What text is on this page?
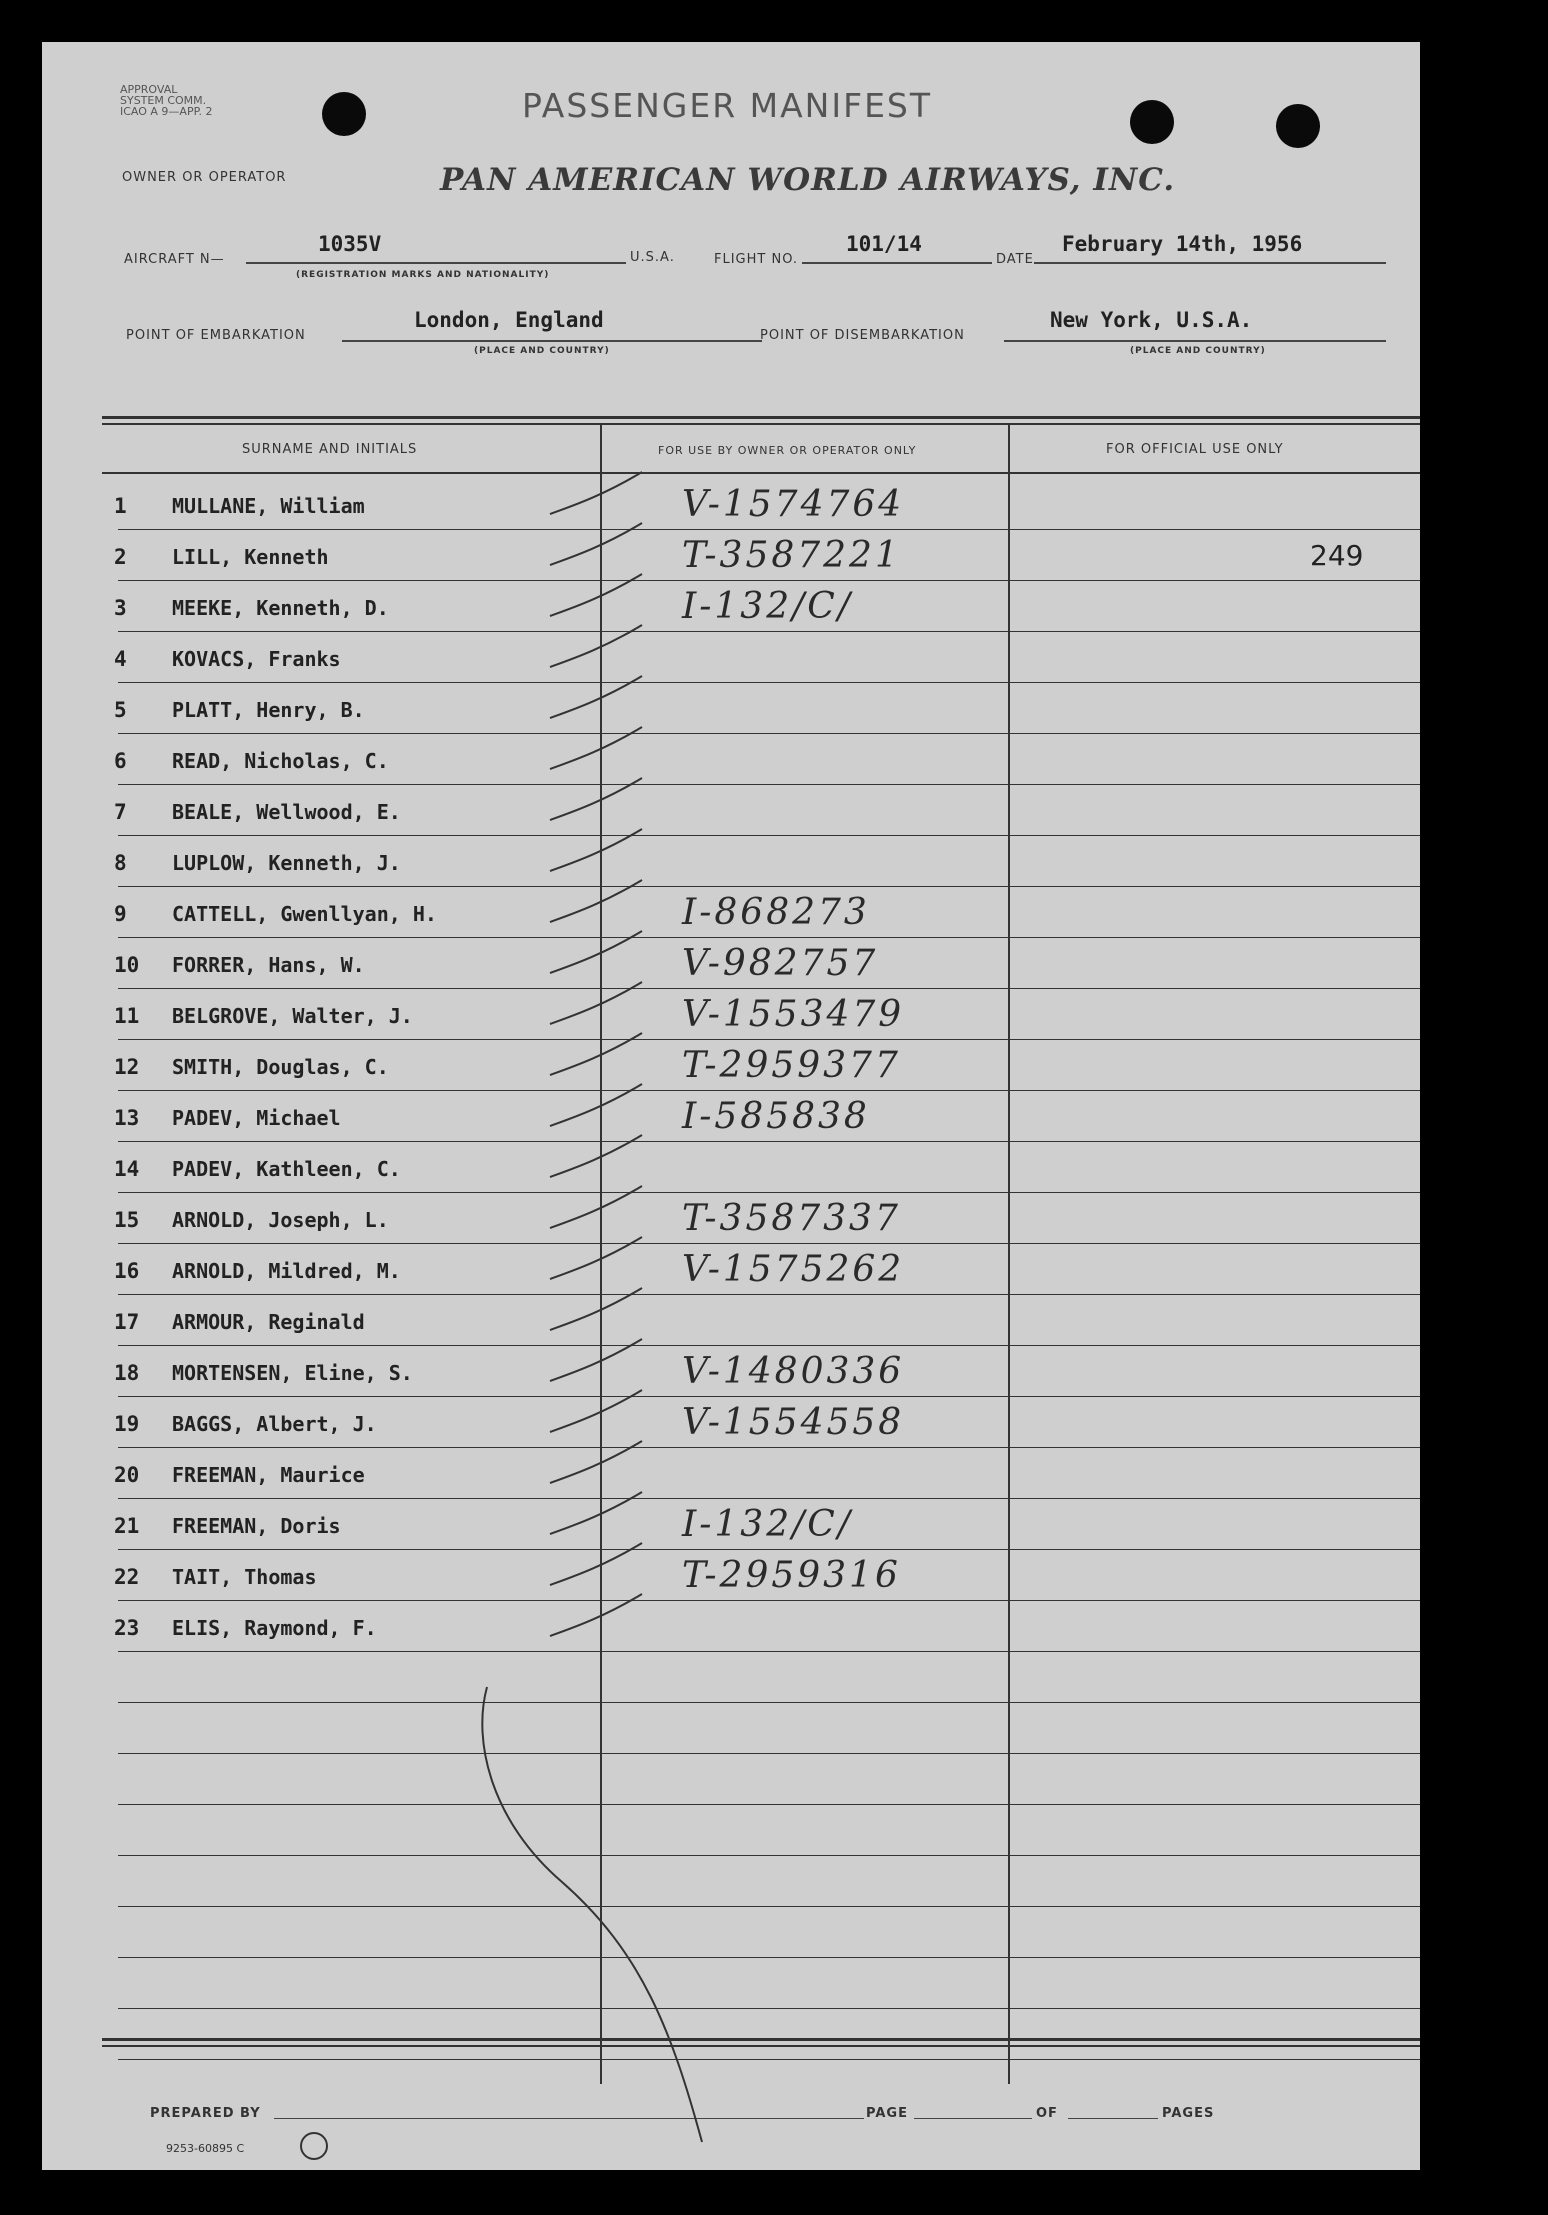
APPROVAL
SYSTEM COMM.
ICAO A 9—APP. 2	PASSENGER MANIFEST
OWNER OR OPERATOR	PAN AMERICAN WORLD AIRWAYS, INC.
AIRCRAFT N—
1035V
(REGISTRATION MARKS AND NATIONALITY)
U.S.A.	FLIGHT NO.
101/14
DATE
February 14th, 1956
POINT OF EMBARKATION
London, England
(PLACE AND COUNTRY)
POINT OF DISEMBARKATION
New York, U.S.A.
(PLACE AND COUNTRY)
SURNAME AND INITIALS	FOR USE BY OWNER OR OPERATOR ONLY	FOR OFFICIAL USE ONLY
1	MULLANE, William	V-1574764
2	LILL, Kenneth	T-3587221	249
3	MEEKE, Kenneth, D.	I-132/C/
4	KOVACS, Franks
5	PLATT, Henry, B.
6	READ, Nicholas, C.
7	BEALE, Wellwood, E.
8	LUPLOW, Kenneth, J.
9	CATTELL, Gwenllyan, H.	I-868273
10	FORRER, Hans, W.	V-982757
11	BELGROVE, Walter, J.	V-1553479
12	SMITH, Douglas, C.	T-2959377
13	PADEV, Michael	I-585838
14	PADEV, Kathleen, C.
15	ARNOLD, Joseph, L.	T-3587337
16	ARNOLD, Mildred, M.	V-1575262
17	ARMOUR, Reginald
18	MORTENSEN, Eline, S.	V-1480336
19	BAGGS, Albert, J.	V-1554558
20	FREEMAN, Maurice
21	FREEMAN, Doris	I-132/C/
22	TAIT, Thomas	T-2959316
23	ELIS, Raymond, F.
PREPARED BY	PAGE	OF	PAGES
9253-60895 C
